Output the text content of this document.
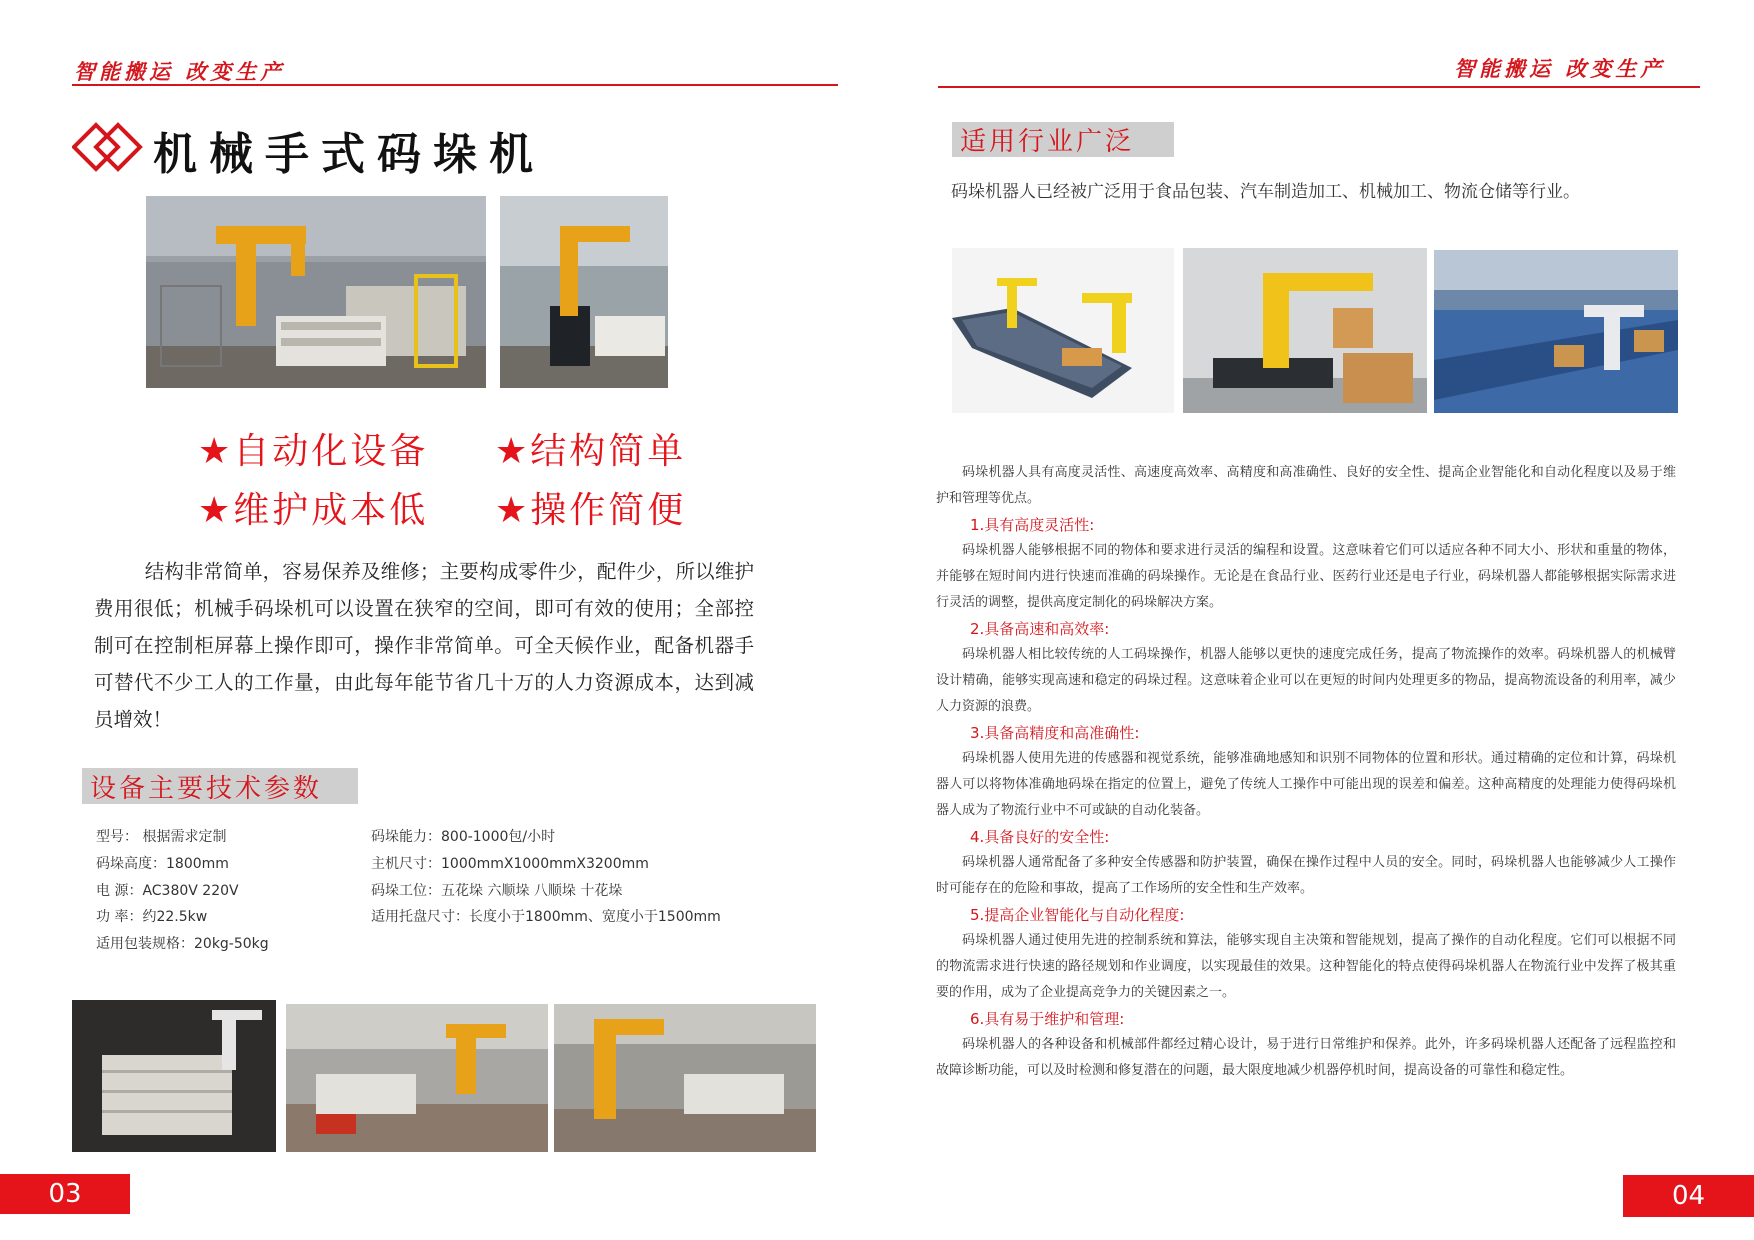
智能搬运 改变生产
机械手式码垛机
★自动化设备 ★结构简单
★维护成本低 ★操作简便
结构非常简单，容易保养及维修；主要构成零件少，配件少，所以维护费用很低；机械手码垛机可以设置在狭窄的空间，即可有效的使用；全部控制可在控制柜屏幕上操作即可，操作非常简单。可全天候作业，配备机器手可替代不少工人的工作量，由此每年能节省几十万的人力资源成本，达到减员增效！
设备主要技术参数
型号： 根据需求定制
码垛高度：1800mm
电 源：AC380V 220V
功 率：约22.5kw
适用包装规格：20kg-50kg
码垛能力：800-1000包/小时
主机尺寸：1000mmX1000mmX3200mm
码垛工位：五花垛 六顺垛 八顺垛 十花垛
适用托盘尺寸：长度小于1800mm、宽度小于1500mm
03
智能搬运 改变生产
适用行业广泛
码垛机器人已经被广泛用于食品包装、汽车制造加工、机械加工、物流仓储等行业。

码垛机器人具有高度灵活性、高速度高效率、高精度和高准确性、良好的安全性、提高企业智能化和自动化程度以及易于维护和管理等优点。

1.具有高度灵活性:

码垛机器人能够根据不同的物体和要求进行灵活的编程和设置。这意味着它们可以适应各种不同大小、形状和重量的物体，并能够在短时间内进行快速而准确的码垛操作。无论是在食品行业、医药行业还是电子行业，码垛机器人都能够根据实际需求进行灵活的调整，提供高度定制化的码垛解决方案。

2.具备高速和高效率:

码垛机器人相比较传统的人工码垛操作，机器人能够以更快的速度完成任务，提高了物流操作的效率。码垛机器人的机械臂设计精确，能够实现高速和稳定的码垛过程。这意味着企业可以在更短的时间内处理更多的物品，提高物流设备的利用率，减少人力资源的浪费。

3.具备高精度和高准确性:

码垛机器人使用先进的传感器和视觉系统，能够准确地感知和识别不同物体的位置和形状。通过精确的定位和计算，码垛机器人可以将物体准确地码垛在指定的位置上，避免了传统人工操作中可能出现的误差和偏差。这种高精度的处理能力使得码垛机器人成为了物流行业中不可或缺的自动化装备。

4.具备良好的安全性:

码垛机器人通常配备了多种安全传感器和防护装置，确保在操作过程中人员的安全。同时，码垛机器人也能够减少人工操作时可能存在的危险和事故，提高了工作场所的安全性和生产效率。

5.提高企业智能化与自动化程度:

码垛机器人通过使用先进的控制系统和算法，能够实现自主决策和智能规划，提高了操作的自动化程度。它们可以根据不同的物流需求进行快速的路径规划和作业调度，以实现最佳的效果。这种智能化的特点使得码垛机器人在物流行业中发挥了极其重要的作用，成为了企业提高竞争力的关键因素之一。

6.具有易于维护和管理:

码垛机器人的各种设备和机械部件都经过精心设计，易于进行日常维护和保养。此外，许多码垛机器人还配备了远程监控和故障诊断功能，可以及时检测和修复潜在的问题，最大限度地减少机器停机时间，提高设备的可靠性和稳定性。

04
